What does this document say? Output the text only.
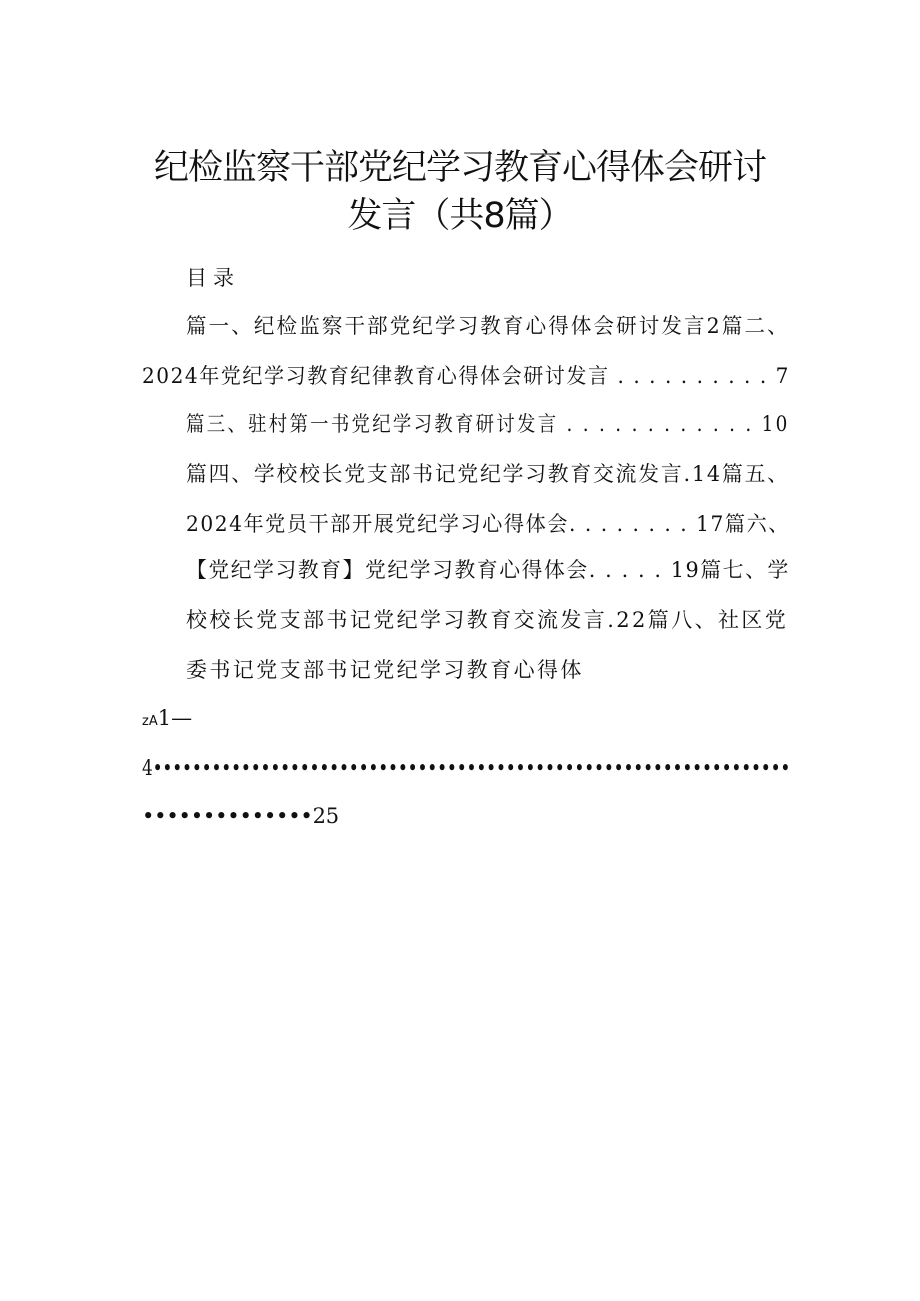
纪检监察干部党纪学习教育心得体会研讨
发言（共8篇）
目录
篇一、纪检监察干部党纪学习教育心得体会研讨发言2篇二、
2024年党纪学习教育纪律教育心得体会研讨发言 . . . . . . . . . . 7
篇三、驻村第一书党纪学习教育研讨发言 . . . . . . . . . . . . 10
篇四、学校校长党支部书记党纪学习教育交流发言.14篇五、
2024年党员干部开展党纪学习心得体会. . . . . . . . 17篇六、
【党纪学习教育】党纪学习教育心得体会. . . . . 19篇七、学
校校长党支部书记党纪学习教育交流发言.22篇八、社区党
委书记党支部书记党纪学习教育心得体
zA1—
4•••••••••••••••••••••••••••••••••••••••••••••••••••••••••••••••••
••••••••••••••25
